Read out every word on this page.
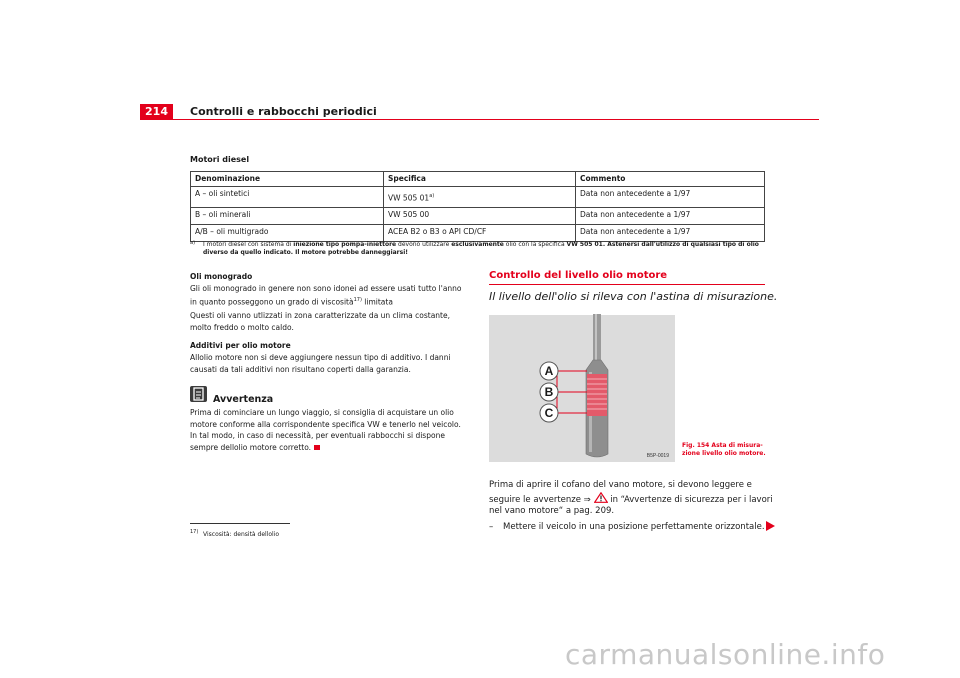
214	Controlli e rabbocchi periodici
Motori diesel
Denominazione	Specifica	Commento
A – oli sintetici	VW 505 01$^{a)}$	Data non antecedente a 1/97
B – oli minerali	VW 505 00	Data non antecedente a 1/97
A/B – oli multigrado	ACEA B2 o B3 o API CD/CF	Data non antecedente a 1/97
a) I motori diesel con sistema di iniezione tipo pompa-iniettore devono utilizzare esclusivamente olio con la specifica VW 505 01. Astenersi dall'utilizzo di qualsiasi tipo di olio diverso da quello indicato. Il motore potrebbe danneggiarsi!
Oli monogrado
Gli oli monogrado in genere non sono idonei ad essere usati tutto l'anno in quanto posseggono un grado di viscosità$^{17)}$ limitata
Questi oli vanno utlizzati in zona caratterizzate da un clima costante, molto freddo o molto caldo.
Additivi per olio motore
Allolio motore non si deve aggiungere nessun tipo di additivo. I danni causati da tali additivi non risultano coperti dalla garanzia.
Avvertenza
Prima di cominciare un lungo viaggio, si consiglia di acquistare un olio motore conforme alla corrispondente specifica VW e tenerlo nel veicolo. In tal modo, in caso di necessità, per eventuali rabbocchi si dispone sempre dellolio motore corretto.
17) Viscosità: densità dellolio
Controllo del livello olio motore
Il livello dell'olio si rileva con l'astina di misurazione.
A
B
C
B5P-0019
Fig. 154 Asta di misura-zione livello olio motore.
Prima di aprire il cofano del vano motore, si devono leggere e seguire le avvertenze ⇒  in “Avvertenze di sicurezza per i lavori nel vano motore“ a pag. 209.
– Mettere il veicolo in una posizione perfettamente orizzontale.
carmanualsonline.info
